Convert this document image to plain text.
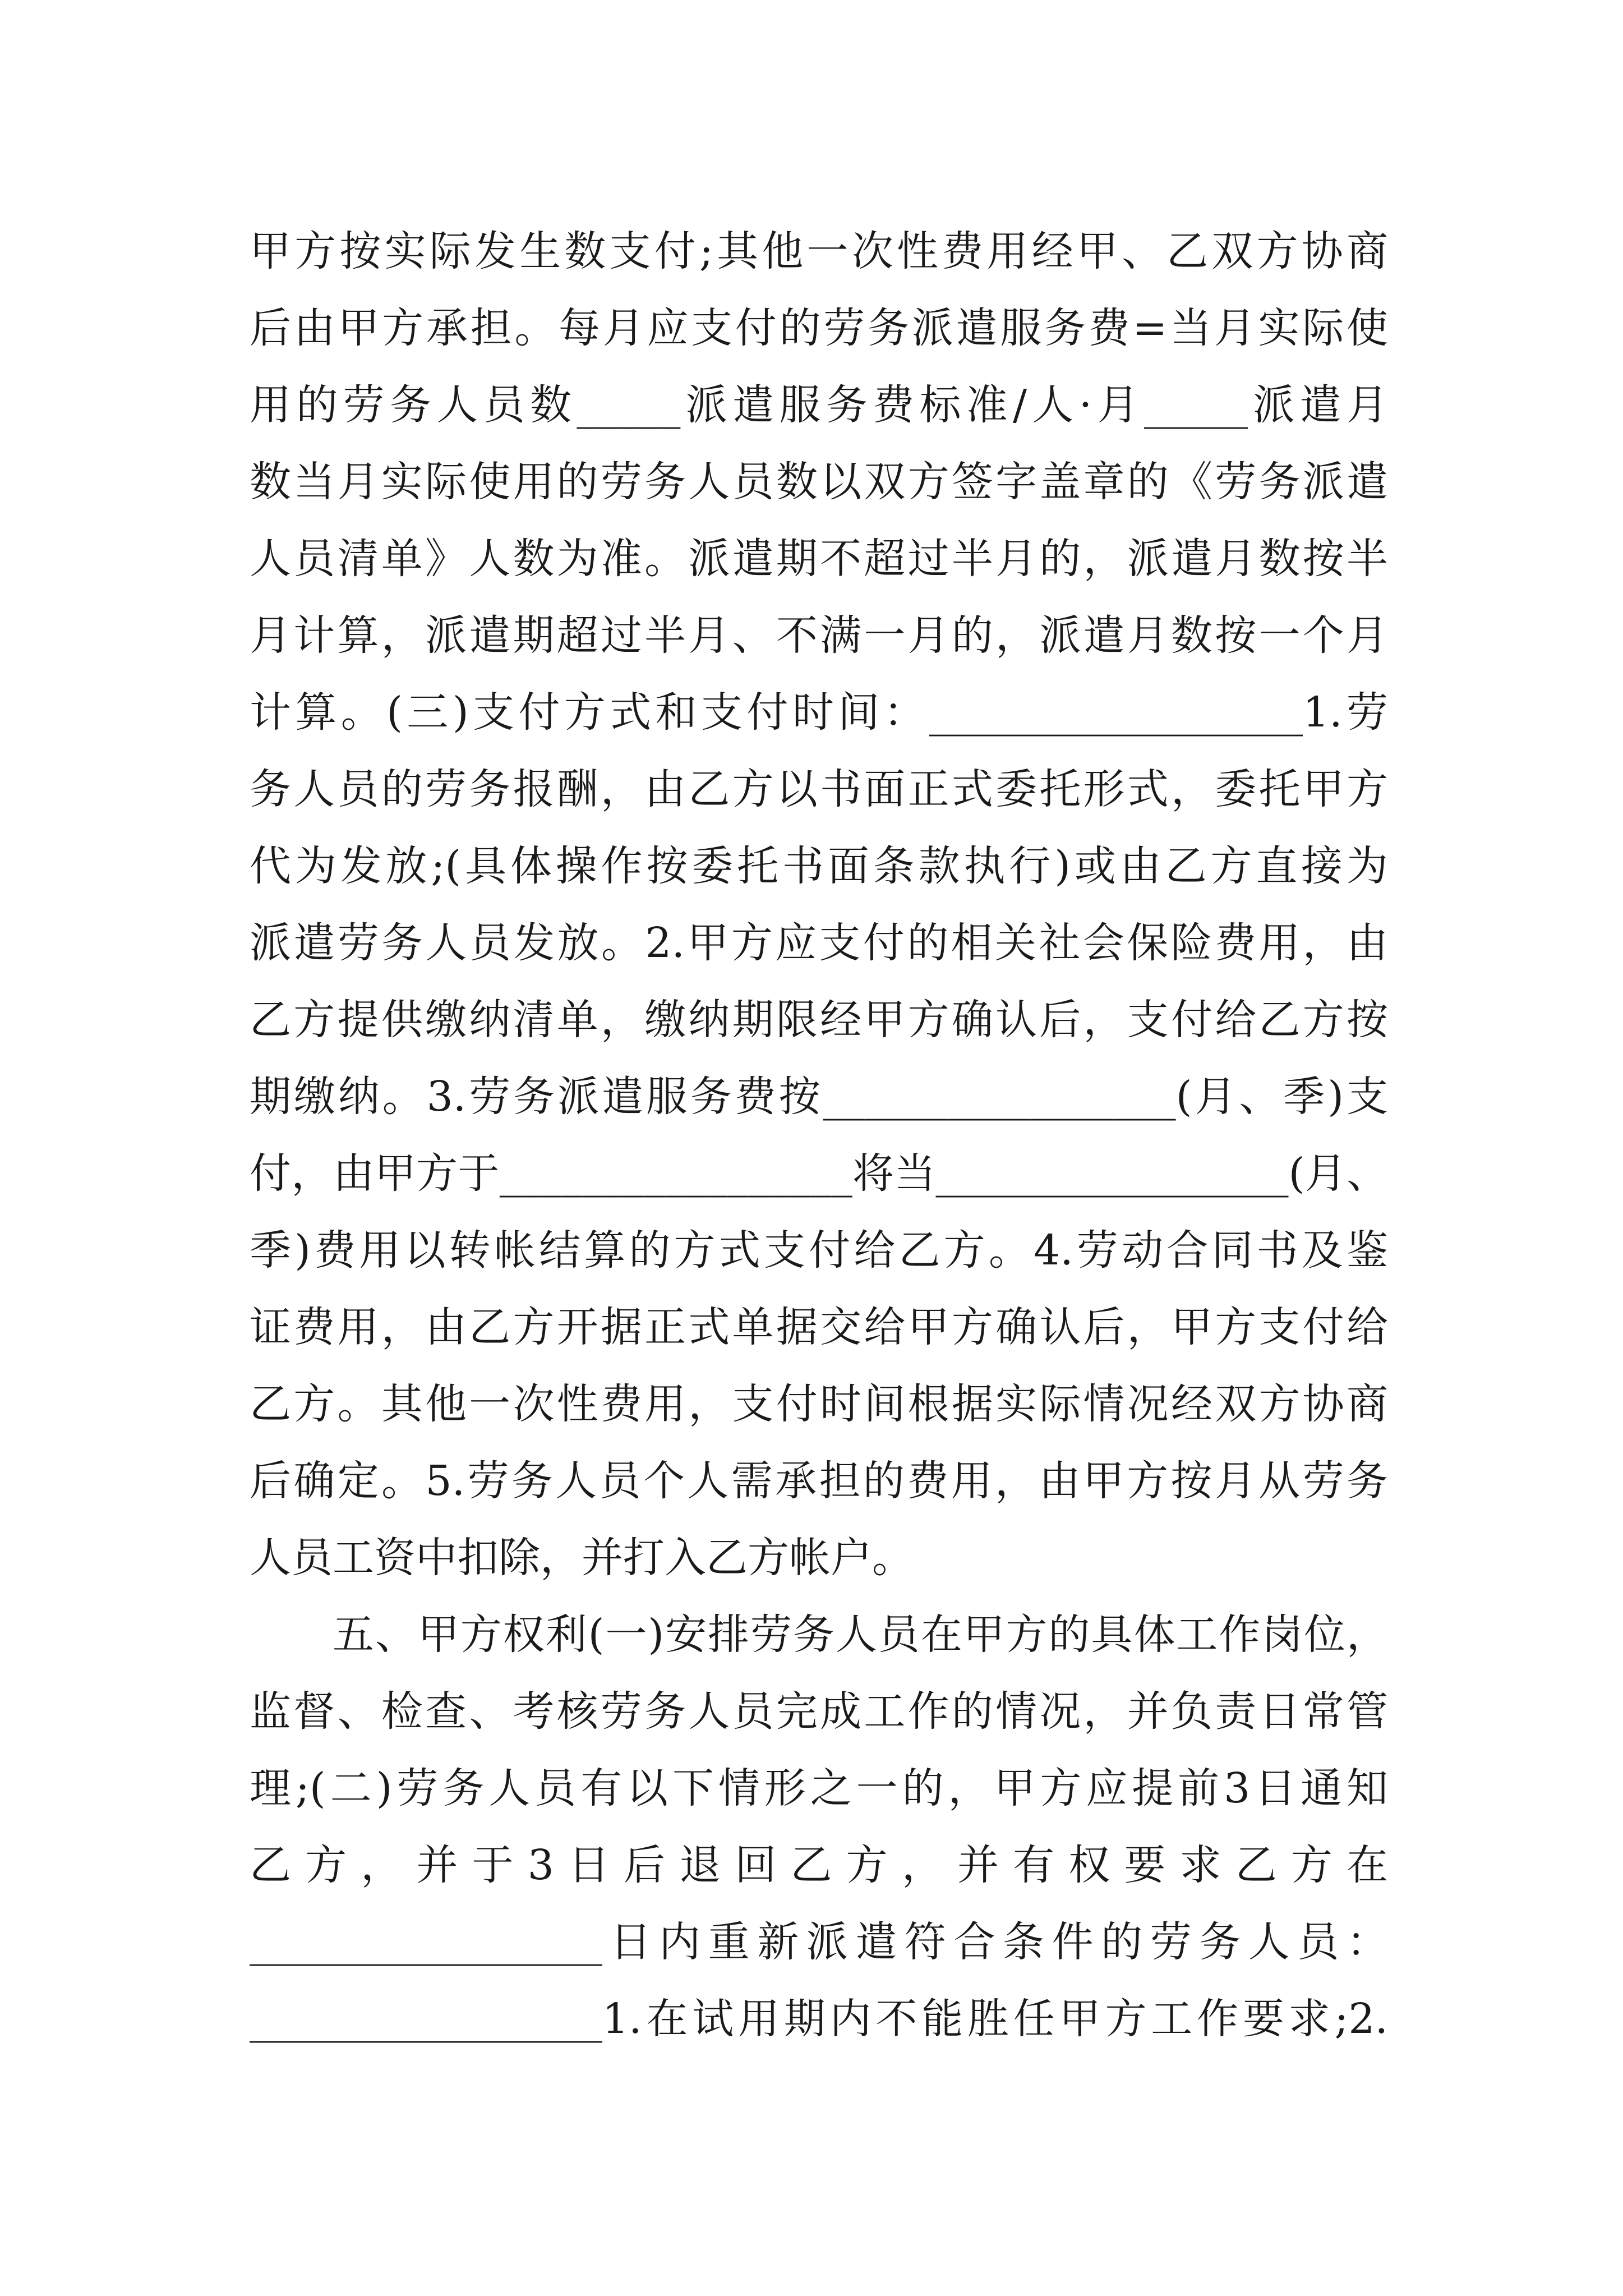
甲方按实际发生数支付;其他一次性费用经甲、乙双方协商
后由甲方承担。每月应支付的劳务派遣服务费=当月实际使
用的劳务人员数_____派遣服务费标准/人·月_____派遣月
数当月实际使用的劳务人员数以双方签字盖章的《劳务派遣
人员清单》人数为准。派遣期不超过半月的，派遣月数按半
月计算，派遣期超过半月、不满一月的，派遣月数按一个月
计算。(三)支付方式和支付时间：__________________1.劳
务人员的劳务报酬，由乙方以书面正式委托形式，委托甲方
代为发放;(具体操作按委托书面条款执行)或由乙方直接为
派遣劳务人员发放。2.甲方应支付的相关社会保险费用，由
乙方提供缴纳清单，缴纳期限经甲方确认后，支付给乙方按
期缴纳。3.劳务派遣服务费按_________________(月、季)支
付，由甲方于_________________将当_________________(月、
季)费用以转帐结算的方式支付给乙方。4.劳动合同书及鉴
证费用，由乙方开据正式单据交给甲方确认后，甲方支付给
乙方。其他一次性费用，支付时间根据实际情况经双方协商
后确定。5.劳务人员个人需承担的费用，由甲方按月从劳务
人员工资中扣除，并打入乙方帐户。
五、甲方权利(一)安排劳务人员在甲方的具体工作岗位，
监督、检查、考核劳务人员完成工作的情况，并负责日常管
理;(二)劳务人员有以下情形之一的，甲方应提前3日通知
乙方，并于3日后退回乙方，并有权要求乙方在
_________________日内重新派遣符合条件的劳务人员：
_________________1.在试用期内不能胜任甲方工作要求;2.
